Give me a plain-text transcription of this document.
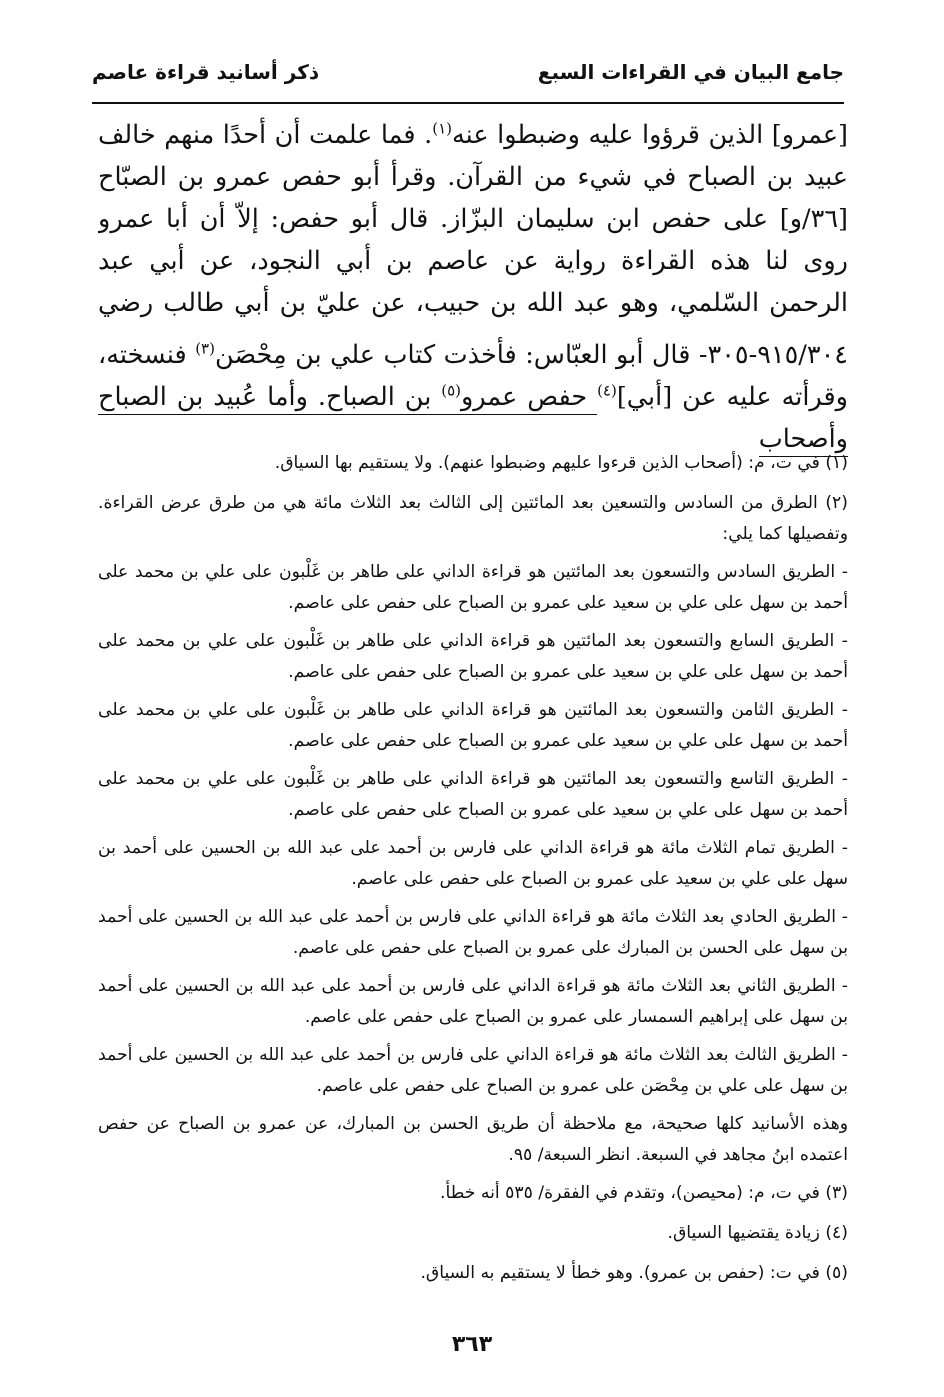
جامع البيان في القراءات السبع
ذكر أسانيد قراءة عاصم

[عمرو] الذين قرؤوا عليه وضبطوا عنه$^{(١)}$. فما علمت أن أحدًا منهم خالف عبيد بن الصباح في شيء من القرآن. وقرأ أبو حفص عمرو بن الصبّاح [٣٦/و] على حفص ابن سليمان البزّاز. قال أبو حفص: إلاّ أن أبا عمرو روى لنا هذه القراءة رواية عن عاصم بن أبي النجود، عن أبي عبد الرحمن السّلمي، وهو عبد الله بن حبيب، عن عليّ بن أبي طالب رضي

٩١٥/٣٠٤-٣٠٥- قال أبو العبّاس: فأخذت كتاب علي بن مِحْصَن$^{(٣)}$ فنسخته، وقرأته عليه عن [أبي]$^{(٤)}$ حفص عمرو$^{(٥)}$ بن الصباح. وأما عُبيد بن الصباح وأصحاب

(١) في ت، م: (أصحاب الذين قرءوا عليهم وضبطوا عنهم). ولا يستقيم بها السياق.

(٢) الطرق من السادس والتسعين بعد المائتين إلى الثالث بعد الثلاث مائة هي من طرق عرض القراءة. وتفصيلها كما يلي:

- الطريق السادس والتسعون بعد المائتين هو قراءة الداني على طاهر بن غَلْبون على علي بن محمد على أحمد بن سهل على علي بن سعيد على عمرو بن الصباح على حفص على عاصم.

- الطريق السابع والتسعون بعد المائتين هو قراءة الداني على طاهر بن غَلْبون على علي بن محمد على أحمد بن سهل على علي بن سعيد على عمرو بن الصباح على حفص على عاصم.

- الطريق الثامن والتسعون بعد المائتين هو قراءة الداني على طاهر بن غَلْبون على علي بن محمد على أحمد بن سهل على علي بن سعيد على عمرو بن الصباح على حفص على عاصم.

- الطريق التاسع والتسعون بعد المائتين هو قراءة الداني على طاهر بن غَلْبون على علي بن محمد على أحمد بن سهل على علي بن سعيد على عمرو بن الصباح على حفص على عاصم.

- الطريق تمام الثلاث مائة هو قراءة الداني على فارس بن أحمد على عبد الله بن الحسين على أحمد بن سهل على علي بن سعيد على عمرو بن الصباح على حفص على عاصم.

- الطريق الحادي بعد الثلاث مائة هو قراءة الداني على فارس بن أحمد على عبد الله بن الحسين على أحمد بن سهل على الحسن بن المبارك على عمرو بن الصباح على حفص على عاصم.

- الطريق الثاني بعد الثلاث مائة هو قراءة الداني على فارس بن أحمد على عبد الله بن الحسين على أحمد بن سهل على إبراهيم السمسار على عمرو بن الصباح على حفص على عاصم.

- الطريق الثالث بعد الثلاث مائة هو قراءة الداني على فارس بن أحمد على عبد الله بن الحسين على أحمد بن سهل على علي بن مِحْصَن على عمرو بن الصباح على حفص على عاصم.

وهذه الأسانيد كلها صحيحة، مع ملاحظة أن طريق الحسن بن المبارك، عن عمرو بن الصباح عن حفص اعتمده ابنُ مجاهد في السبعة. انظر السبعة/ ٩٥.

(٣) في ت، م: (محيصن)، وتقدم في الفقرة/ ٥٣٥ أنه خطأ.

(٤) زيادة يقتضيها السياق.

(٥) في ت: (حفص بن عمرو). وهو خطأ لا يستقيم به السياق.

٣٦٣
